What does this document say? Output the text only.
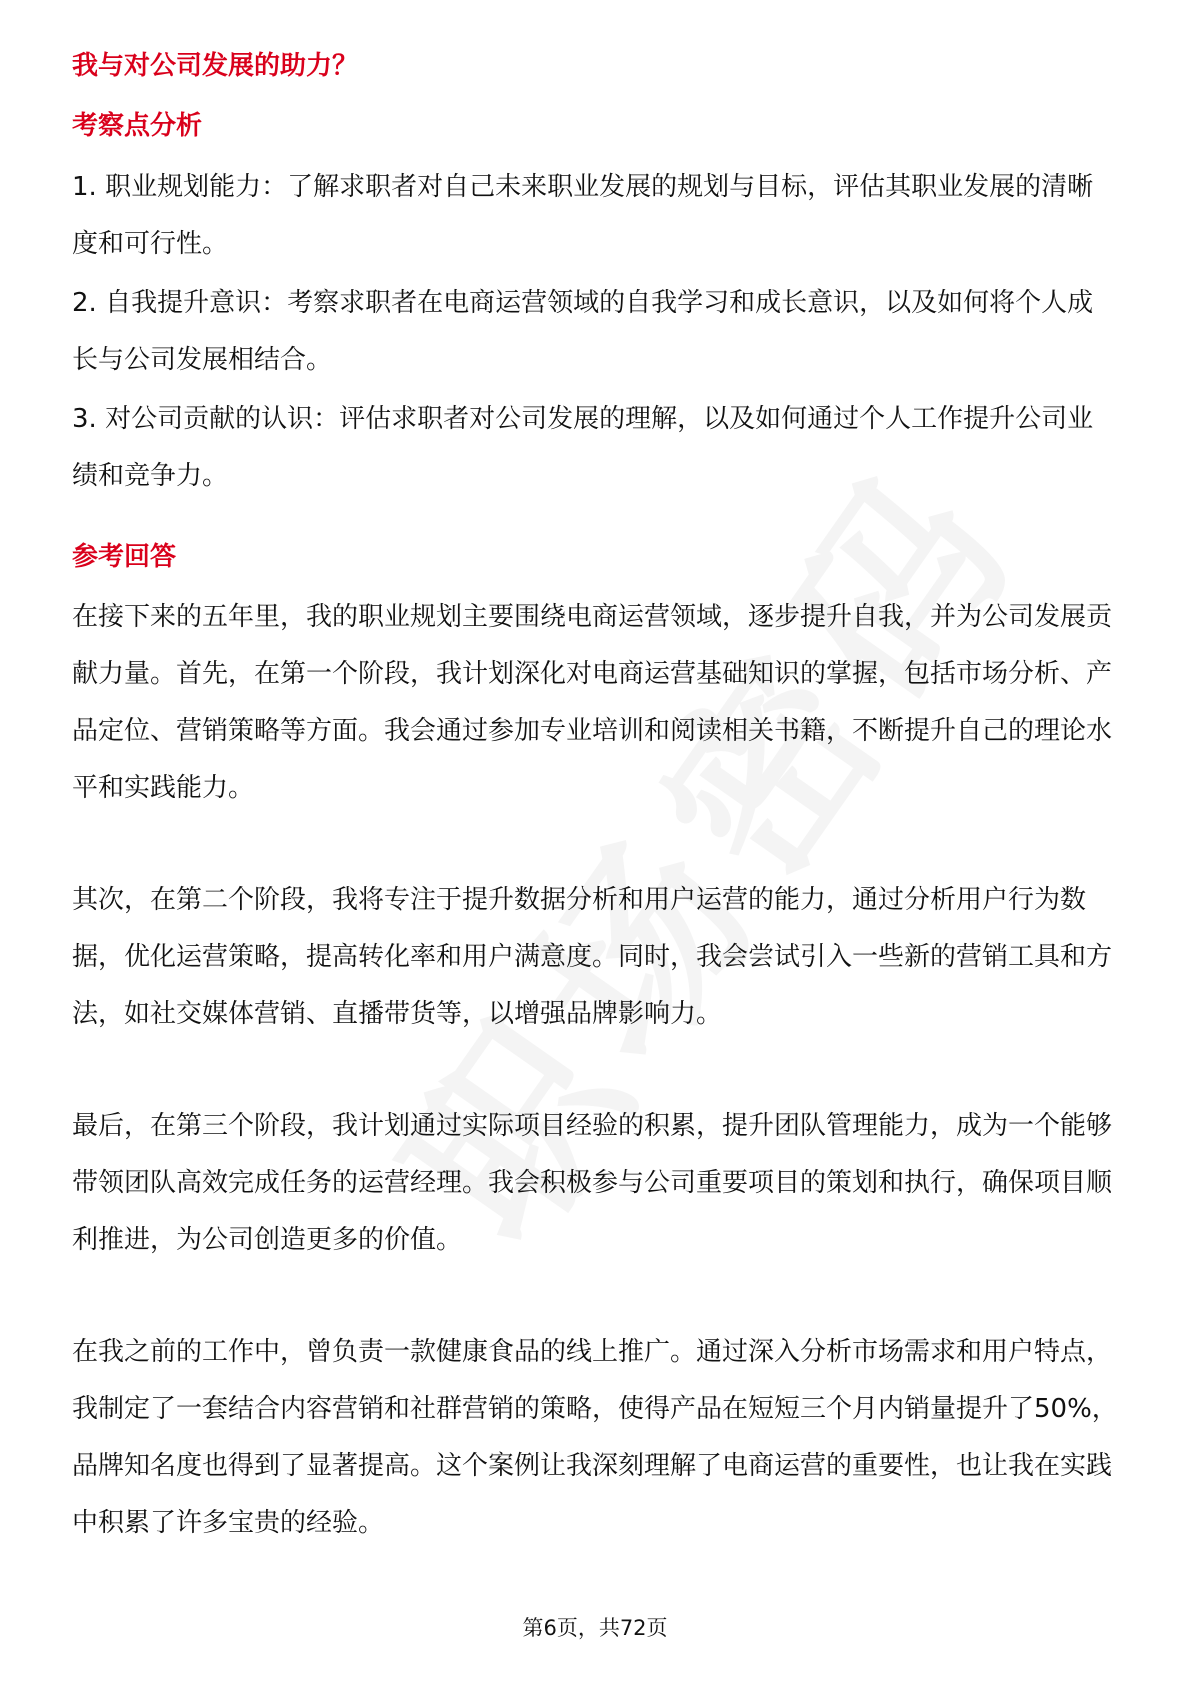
我与对公司发展的助力？
考察点分析

1. 职业规划能力：了解求职者对自己未来职业发展的规划与目标，评估其职业发展的清晰度和可行性。

2. 自我提升意识：考察求职者在电商运营领域的自我学习和成长意识，以及如何将个人成长与公司发展相结合。

3. 对公司贡献的认识：评估求职者对公司发展的理解，以及如何通过个人工作提升公司业绩和竞争力。

参考回答

在接下来的五年里，我的职业规划主要围绕电商运营领域，逐步提升自我，并为公司发展贡献力量。首先，在第一个阶段，我计划深化对电商运营基础知识的掌握，包括市场分析、产品定位、营销策略等方面。我会通过参加专业培训和阅读相关书籍，不断提升自己的理论水平和实践能力。

其次，在第二个阶段，我将专注于提升数据分析和用户运营的能力，通过分析用户行为数据，优化运营策略，提高转化率和用户满意度。同时，我会尝试引入一些新的营销工具和方法，如社交媒体营销、直播带货等，以增强品牌影响力。

最后，在第三个阶段，我计划通过实际项目经验的积累，提升团队管理能力，成为一个能够带领团队高效完成任务的运营经理。我会积极参与公司重要项目的策划和执行，确保项目顺利推进，为公司创造更多的价值。

在我之前的工作中，曾负责一款健康食品的线上推广。通过深入分析市场需求和用户特点，我制定了一套结合内容营销和社群营销的策略，使得产品在短短三个月内销量提升了50%，品牌知名度也得到了显著提高。这个案例让我深刻理解了电商运营的重要性，也让我在实践中积累了许多宝贵的经验。

第6页，共72页
